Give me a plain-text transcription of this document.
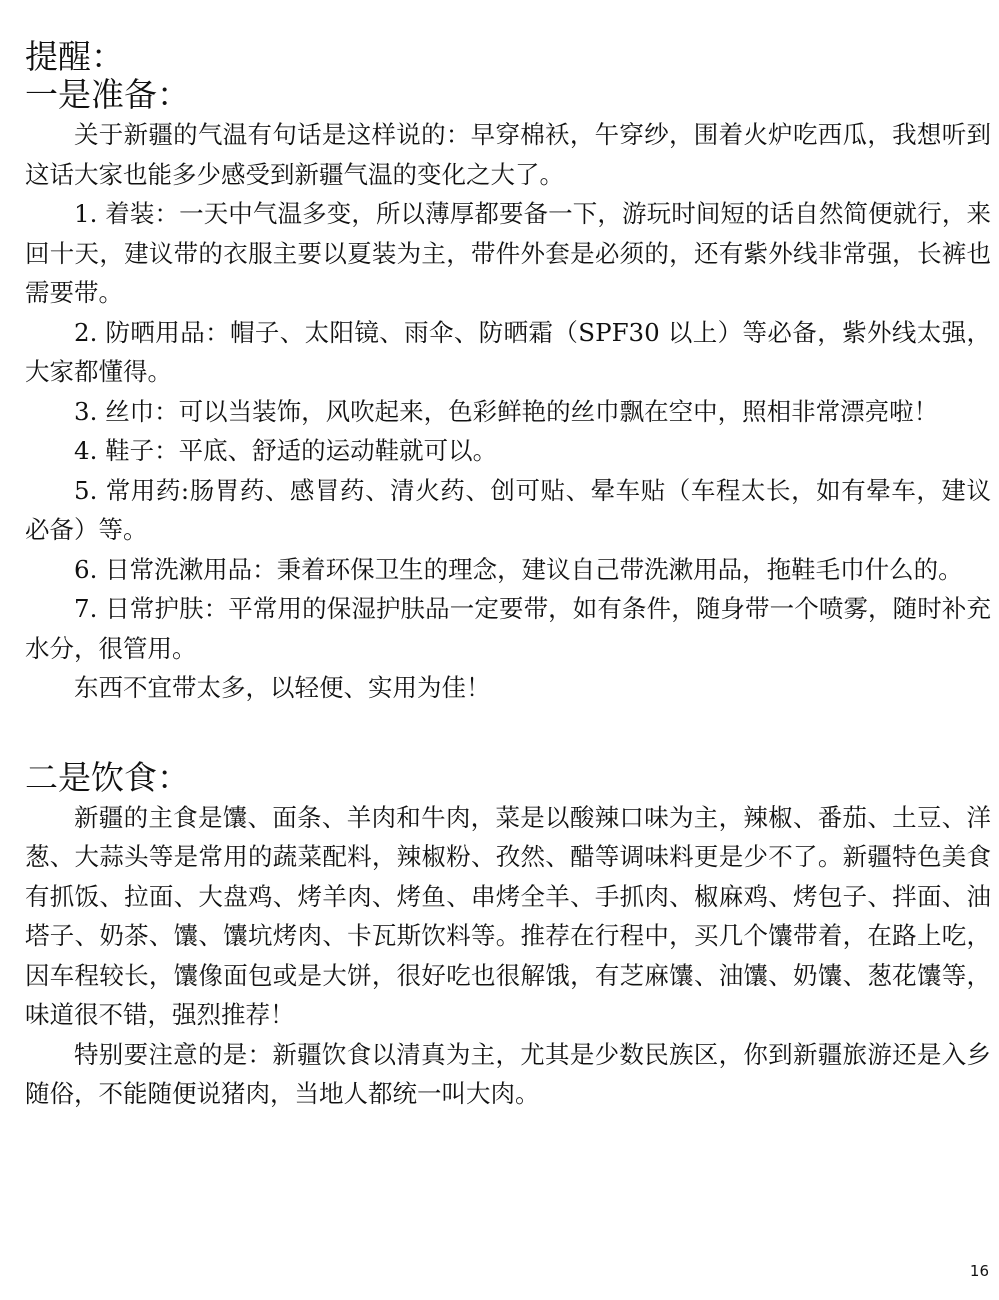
提醒：
一是准备：

关于新疆的气温有句话是这样说的：早穿棉袄，午穿纱，围着火炉吃西瓜，我想听到这话大家也能多少感受到新疆气温的变化之大了。

1. 着装：一天中气温多变，所以薄厚都要备一下，游玩时间短的话自然简便就行，来回十天，建议带的衣服主要以夏装为主，带件外套是必须的，还有紫外线非常强，长裤也需要带。

2. 防晒用品：帽子、太阳镜、雨伞、防晒霜（SPF30 以上）等必备，紫外线太强，大家都懂得。

3. 丝巾：可以当装饰，风吹起来，色彩鲜艳的丝巾飘在空中，照相非常漂亮啦！

4. 鞋子：平底、舒适的运动鞋就可以。

5. 常用药:肠胃药、感冒药、清火药、创可贴、晕车贴（车程太长，如有晕车，建议必备）等。

6. 日常洗漱用品：秉着环保卫生的理念，建议自己带洗漱用品，拖鞋毛巾什么的。

7. 日常护肤：平常用的保湿护肤品一定要带，如有条件，随身带一个喷雾，随时补充水分，很管用。

东西不宜带太多，以轻便、实用为佳！

二是饮食：

新疆的主食是馕、面条、羊肉和牛肉，菜是以酸辣口味为主，辣椒、番茄、土豆、洋葱、大蒜头等是常用的蔬菜配料，辣椒粉、孜然、醋等调味料更是少不了。新疆特色美食有抓饭、拉面、大盘鸡、烤羊肉、烤鱼、串烤全羊、手抓肉、椒麻鸡、烤包子、拌面、油塔子、奶茶、馕、馕坑烤肉、卡瓦斯饮料等。推荐在行程中，买几个馕带着，在路上吃，因车程较长，馕像面包或是大饼，很好吃也很解饿，有芝麻馕、油馕、奶馕、葱花馕等，味道很不错，强烈推荐！

特别要注意的是：新疆饮食以清真为主，尤其是少数民族区，你到新疆旅游还是入乡随俗，不能随便说猪肉，当地人都统一叫大肉。

16
